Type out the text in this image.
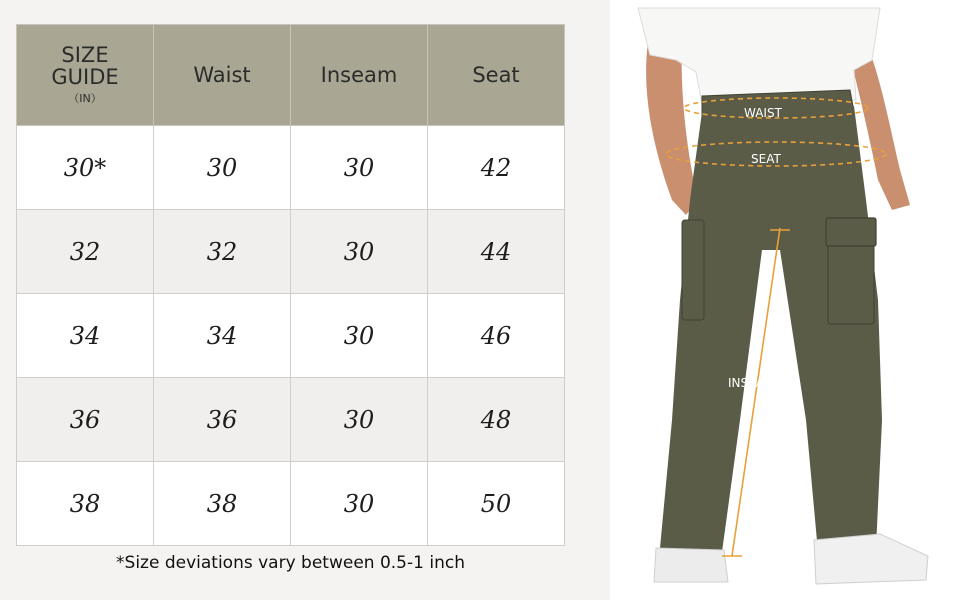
SIZE
GUIDE
（IN）	Waist	Inseam	Seat
30*	30	30	42
32	32	30	44
34	34	30	46
36	36	30	48
38	38	30	50
*Size deviations vary between 0.5-1 inch
WAIST
SEAT
INSEAM
